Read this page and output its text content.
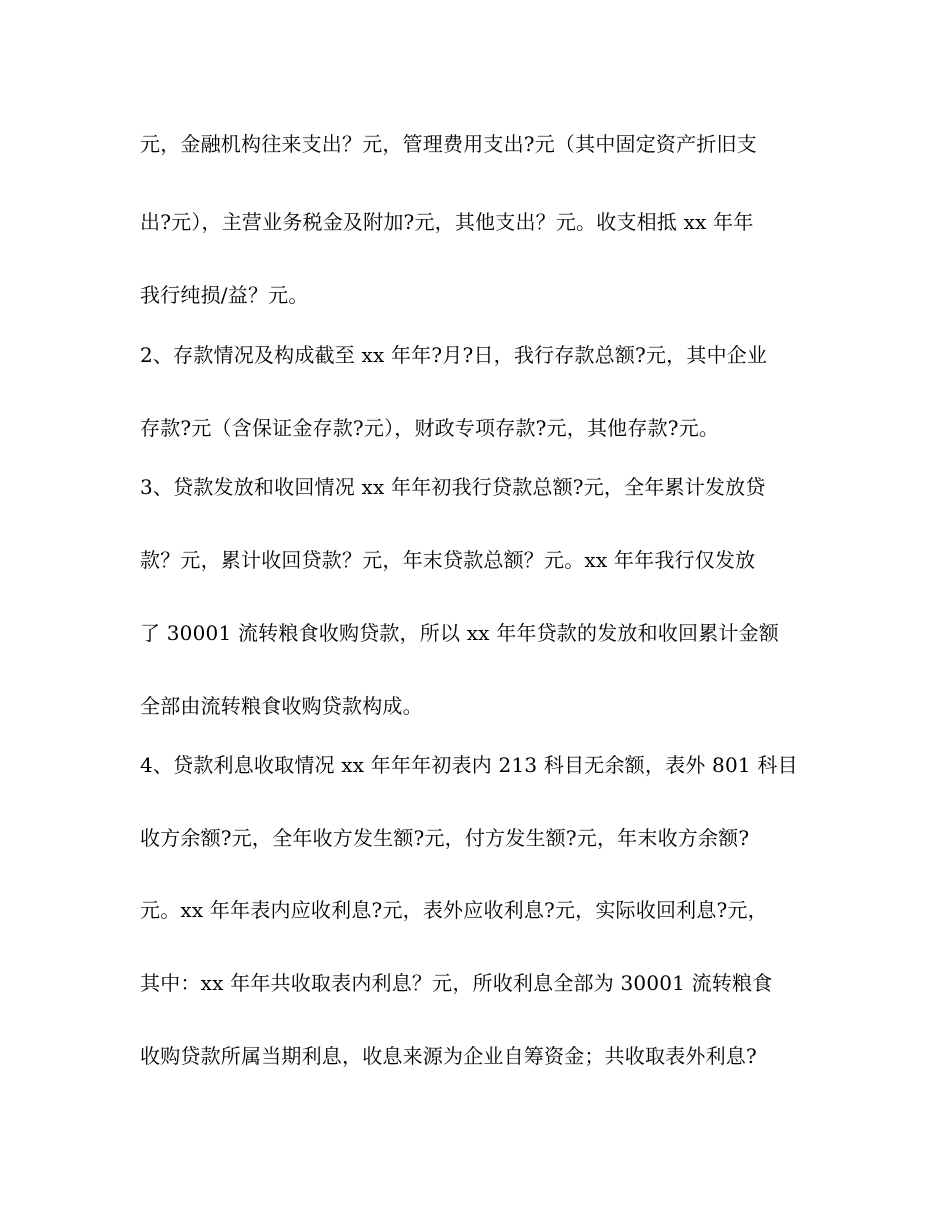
元，金融机构往来支出？元，管理费用支出?元（其中固定资产折旧支
出?元），主营业务税金及附加?元，其他支出？元。收支相抵 xx 年年
我行纯损/益？元。
2、存款情况及构成截至 xx 年年?月?日，我行存款总额?元，其中企业
存款?元（含保证金存款?元），财政专项存款?元，其他存款?元。
3、贷款发放和收回情况 xx 年年初我行贷款总额?元，全年累计发放贷
款？元，累计收回贷款？元，年末贷款总额？元。xx 年年我行仅发放
了 30001 流转粮食收购贷款，所以 xx 年年贷款的发放和收回累计金额
全部由流转粮食收购贷款构成。
4、贷款利息收取情况 xx 年年年初表内 213 科目无余额，表外 801 科目
收方余额?元，全年收方发生额?元，付方发生额?元，年末收方余额?
元。xx 年年表内应收利息?元，表外应收利息?元，实际收回利息?元，
其中：xx 年年共收取表内利息？元，所收利息全部为 30001 流转粮食
收购贷款所属当期利息，收息来源为企业自筹资金；共收取表外利息?
